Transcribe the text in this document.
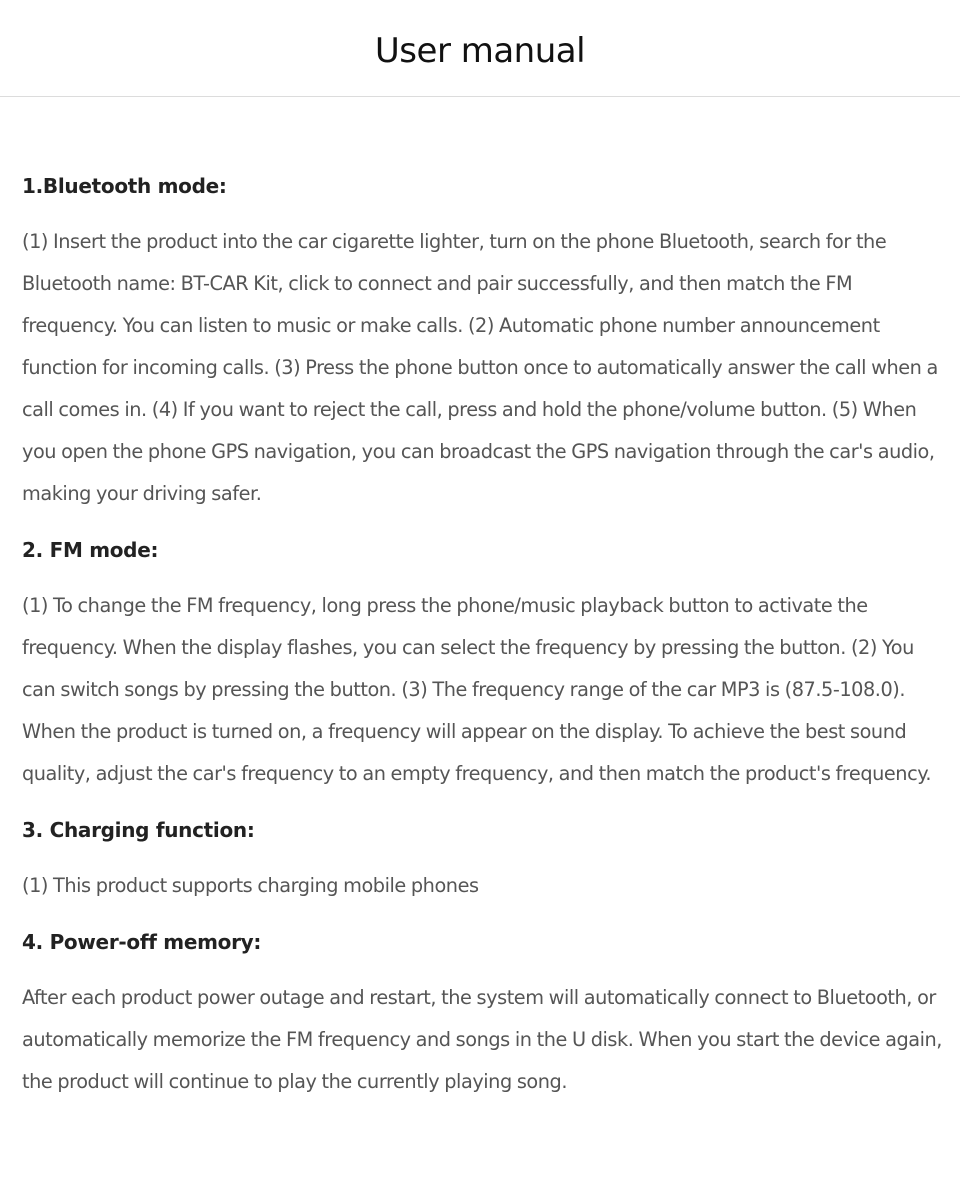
User manual
1.Bluetooth mode:

(1) Insert the product into the car cigarette lighter, turn on the phone Bluetooth, search for the Bluetooth name: BT-CAR Kit, click to connect and pair successfully, and then match the FM frequency. You can listen to music or make calls. (2) Automatic phone number announcement function for incoming calls. (3) Press the phone button once to automatically answer the call when a call comes in. (4) If you want to reject the call, press and hold the phone/volume button. (5) When you open the phone GPS navigation, you can broadcast the GPS navigation through the car's audio, making your driving safer.

2. FM mode:

(1) To change the FM frequency, long press the phone/music playback button to activate the frequency. When the display flashes, you can select the frequency by pressing the button. (2) You can switch songs by pressing the button. (3) The frequency range of the car MP3 is (87.5-108.0). When the product is turned on, a frequency will appear on the display. To achieve the best sound quality, adjust the car's frequency to an empty frequency, and then match the product's frequency.

3. Charging function:

(1) This product supports charging mobile phones

4. Power-off memory:

After each product power outage and restart, the system will automatically connect to Bluetooth, or automatically memorize the FM frequency and songs in the U disk. When you start the device again, the product will continue to play the currently playing song.
